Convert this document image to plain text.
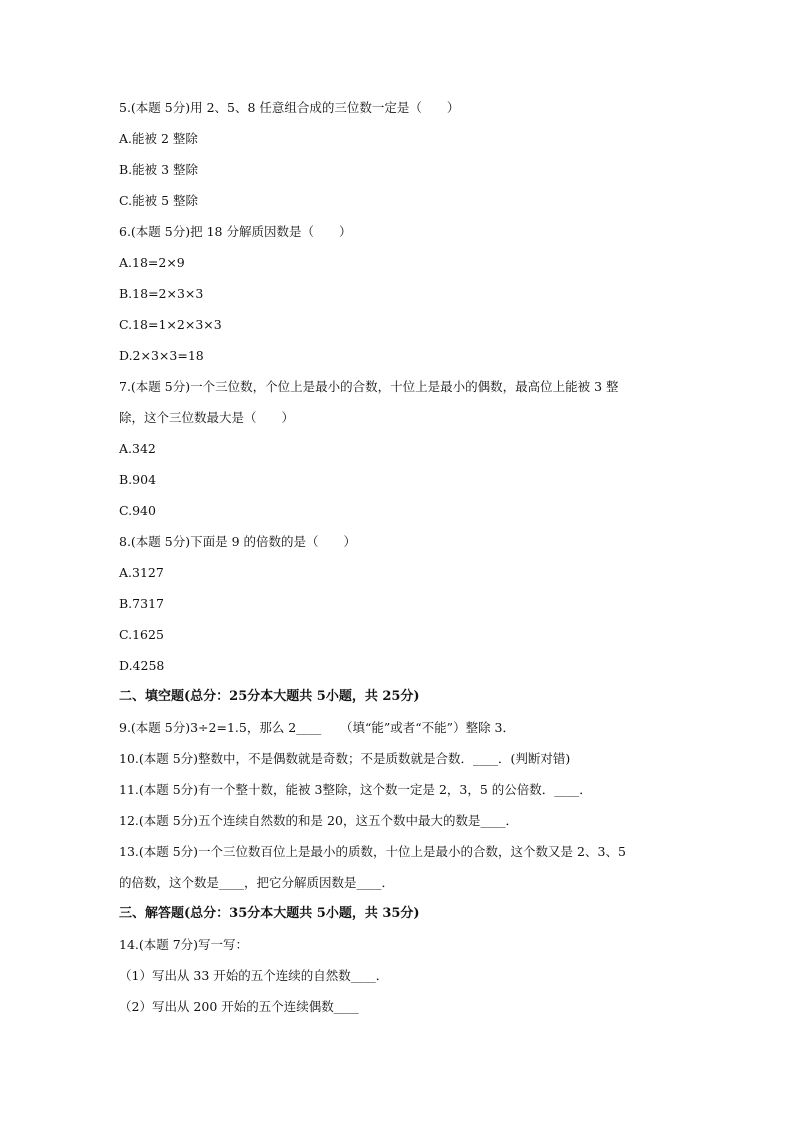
5.(本题 5分)用 2、5、8 任意组合成的三位数一定是（　　）
A.能被 2 整除
B.能被 3 整除
C.能被 5 整除
6.(本题 5分)把 18 分解质因数是（　　）
A.18=2×9
B.18=2×3×3
C.18=1×2×3×3
D.2×3×3=18
7.(本题 5分)一个三位数，个位上是最小的合数，十位上是最小的偶数，最高位上能被 3 整
除，这个三位数最大是（　　）
A.342
B.904
C.940
8.(本题 5分)下面是 9 的倍数的是（　　）
A.3127
B.7317
C.1625
D.4258
二、填空题(总分：25分本大题共 5小题，共 25分)
9.(本题 5分)3÷2=1.5，那么 2____　　（填“能”或者“不能”）整除 3．
10.(本题 5分)整数中，不是偶数就是奇数；不是质数就是合数．____．(判断对错)
11.(本题 5分)有一个整十数，能被 3整除，这个数一定是 2，3，5 的公倍数．____．
12.(本题 5分)五个连续自然数的和是 20，这五个数中最大的数是____．
13.(本题 5分)一个三位数百位上是最小的质数，十位上是最小的合数，这个数又是 2、3、5
的倍数，这个数是____，把它分解质因数是____．
三、解答题(总分：35分本大题共 5小题，共 35分)
14.(本题 7分)写一写：
（1）写出从 33 开始的五个连续的自然数____．
（2）写出从 200 开始的五个连续偶数____
